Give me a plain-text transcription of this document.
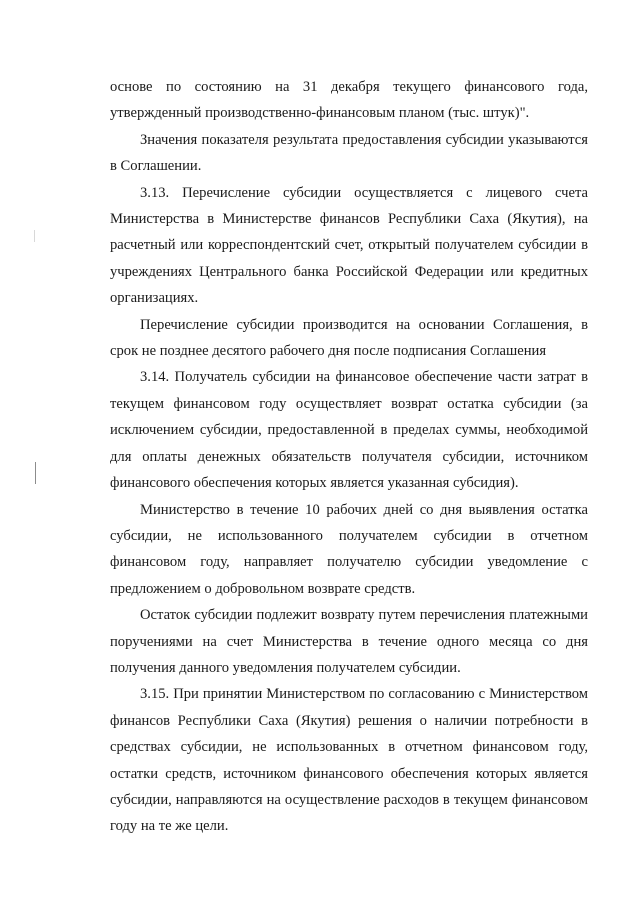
основе по состоянию на 31 декабря текущего финансового года, утвержденный производственно-финансовым планом (тыс. штук)".

Значения показателя результата предоставления субсидии указываются в Соглашении.

3.13. Перечисление субсидии осуществляется с лицевого счета Министерства в Министерстве финансов Республики Саха (Якутия), на расчетный или корреспондентский счет, открытый получателем субсидии в учреждениях Центрального банка Российской Федерации или кредитных организациях.

Перечисление субсидии производится на основании Соглашения, в срок не позднее десятого рабочего дня после подписания Соглашения

3.14. Получатель субсидии на финансовое обеспечение части затрат в текущем финансовом году осуществляет возврат остатка субсидии (за исключением субсидии, предоставленной в пределах суммы, необходимой для оплаты денежных обязательств получателя субсидии, источником финансового обеспечения которых является указанная субсидия).

Министерство в течение 10 рабочих дней со дня выявления остатка субсидии, не использованного получателем субсидии в отчетном финансовом году, направляет получателю субсидии уведомление с предложением о добровольном возврате средств.

Остаток субсидии подлежит возврату путем перечисления платежными поручениями на счет Министерства в течение одного месяца со дня получения данного уведомления получателем субсидии.

3.15. При принятии Министерством по согласованию с Министерством финансов Республики Саха (Якутия) решения о наличии потребности в средствах субсидии, не использованных в отчетном финансовом году, остатки средств, источником финансового обеспечения которых является субсидии, направляются на осуществление расходов в текущем финансовом году на те же цели.
